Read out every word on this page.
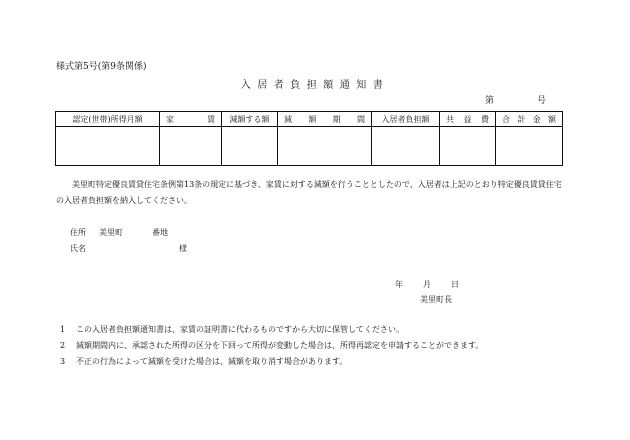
様式第5号(第9条関係)
入居者負担額通知書
第	号
認定(世帯)所得月額	家 賃	減額する額	減 額 期 間	入居者負担額	共 益 費	合 計 金 額

美里町特定優良賃貸住宅条例第13条の規定に基づき、家賃に対する減額を行うこととしたので、入居者は上記のとおり特定優良賃貸住宅の入居者負担額を納入してください。
住所 美里町	番地
氏名	様
年	月	日
美里町長
1	この入居者負担額通知書は、家賃の証明書に代わるものですから大切に保管してください。
2	減額期間内に、承認された所得の区分を下回って所得が変動した場合は、所得再認定を申請することができます。
3	不正の行為によって減額を受けた場合は、減額を取り消す場合があります。
